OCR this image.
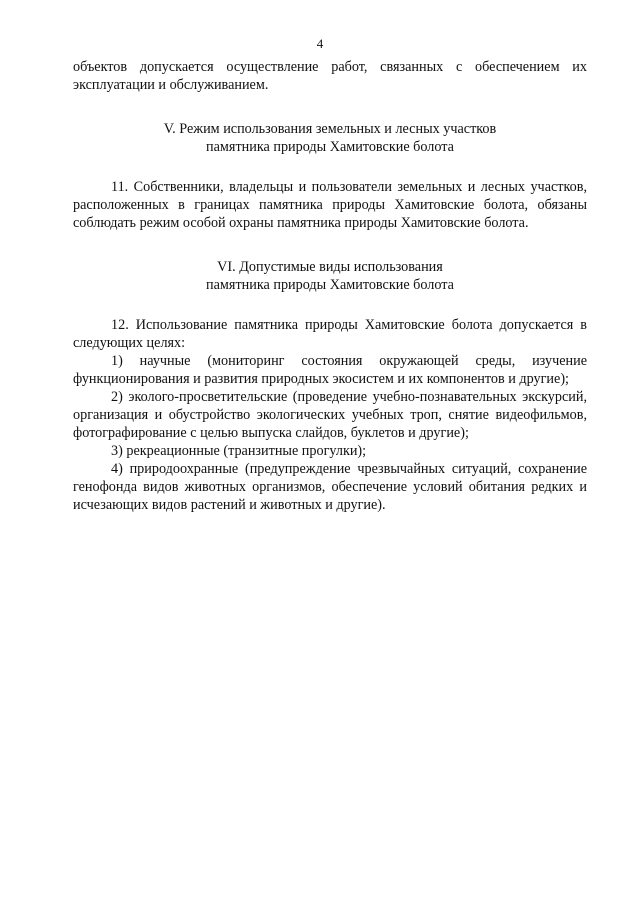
4

объектов допускается осуществление работ, связанных с обеспечением их эксплуатации и обслуживанием.

V. Режим использования земельных и лесных участков
памятника природы Хамитовские болота

11. Собственники, владельцы и пользователи земельных и лесных участков, расположенных в границах памятника природы Хамитовские болота, обязаны соблюдать режим особой охраны памятника природы Хамитовские болота.

VI. Допустимые виды использования
памятника природы Хамитовские болота

12. Использование памятника природы Хамитовские болота допускается в следующих целях:

1) научные (мониторинг состояния окружающей среды, изучение функционирования и развития природных экосистем и их компонентов и другие);

2) эколого-просветительские (проведение учебно-познавательных экскурсий, организация и обустройство экологических учебных троп, снятие видеофильмов, фотографирование с целью выпуска слайдов, буклетов и другие);

3) рекреационные (транзитные прогулки);

4) природоохранные (предупреждение чрезвычайных ситуаций, сохранение генофонда видов животных организмов, обеспечение условий обитания редких и исчезающих видов растений и животных и другие).
